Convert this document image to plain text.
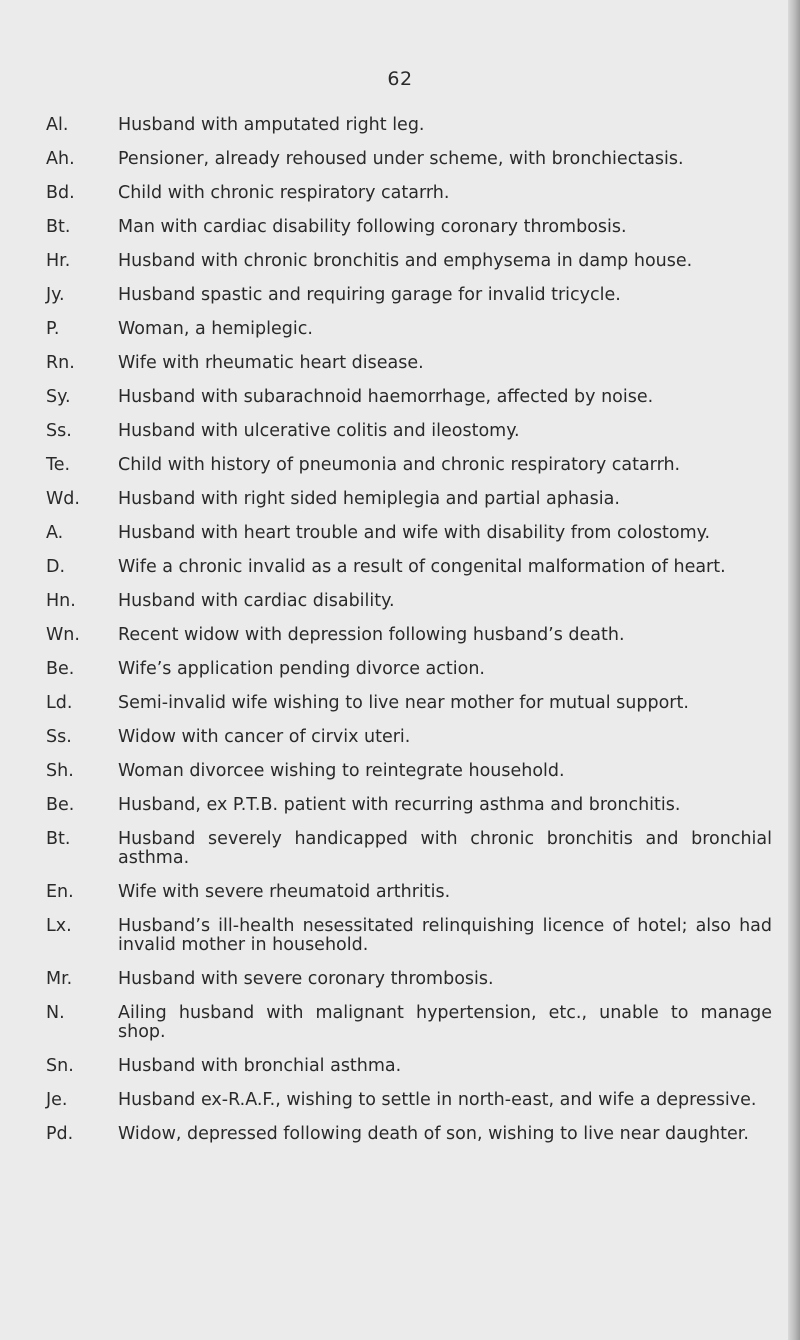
62
Al.	Husband with amputated right leg.
Ah.	Pensioner, already rehoused under scheme, with bronchiectasis.
Bd.	Child with chronic respiratory catarrh.
Bt.	Man with cardiac disability following coronary thrombosis.
Hr.	Husband with chronic bronchitis and emphysema in damp house.
Jy.	Husband spastic and requiring garage for invalid tricycle.
P.	Woman, a hemiplegic.
Rn.	Wife with rheumatic heart disease.
Sy.	Husband with subarachnoid haemorrhage, affected by noise.
Ss.	Husband with ulcerative colitis and ileostomy.
Te.	Child with history of pneumonia and chronic respiratory catarrh.
Wd.	Husband with right sided hemiplegia and partial aphasia.
A.	Husband with heart trouble and wife with disability from colostomy.
D.	Wife a chronic invalid as a result of congenital malformation of heart.
Hn.	Husband with cardiac disability.
Wn.	Recent widow with depression following husband’s death.
Be.	Wife’s application pending divorce action.
Ld.	Semi-invalid wife wishing to live near mother for mutual support.
Ss.	Widow with cancer of cirvix uteri.
Sh.	Woman divorcee wishing to reintegrate household.
Be.	Husband, ex P.T.B. patient with recurring asthma and bronchitis.
Bt.	Husband severely handicapped with chronic bronchitis and bronchial asthma.
En.	Wife with severe rheumatoid arthritis.
Lx.	Husband’s ill-health nesessitated relinquishing licence of hotel; also had invalid mother in household.
Mr.	Husband with severe coronary thrombosis.
N.	Ailing husband with malignant hypertension, etc., unable to manage shop.
Sn.	Husband with bronchial asthma.
Je.	Husband ex-R.A.F., wishing to settle in north-east, and wife a depressive.
Pd.	Widow, depressed following death of son, wishing to live near daughter.
